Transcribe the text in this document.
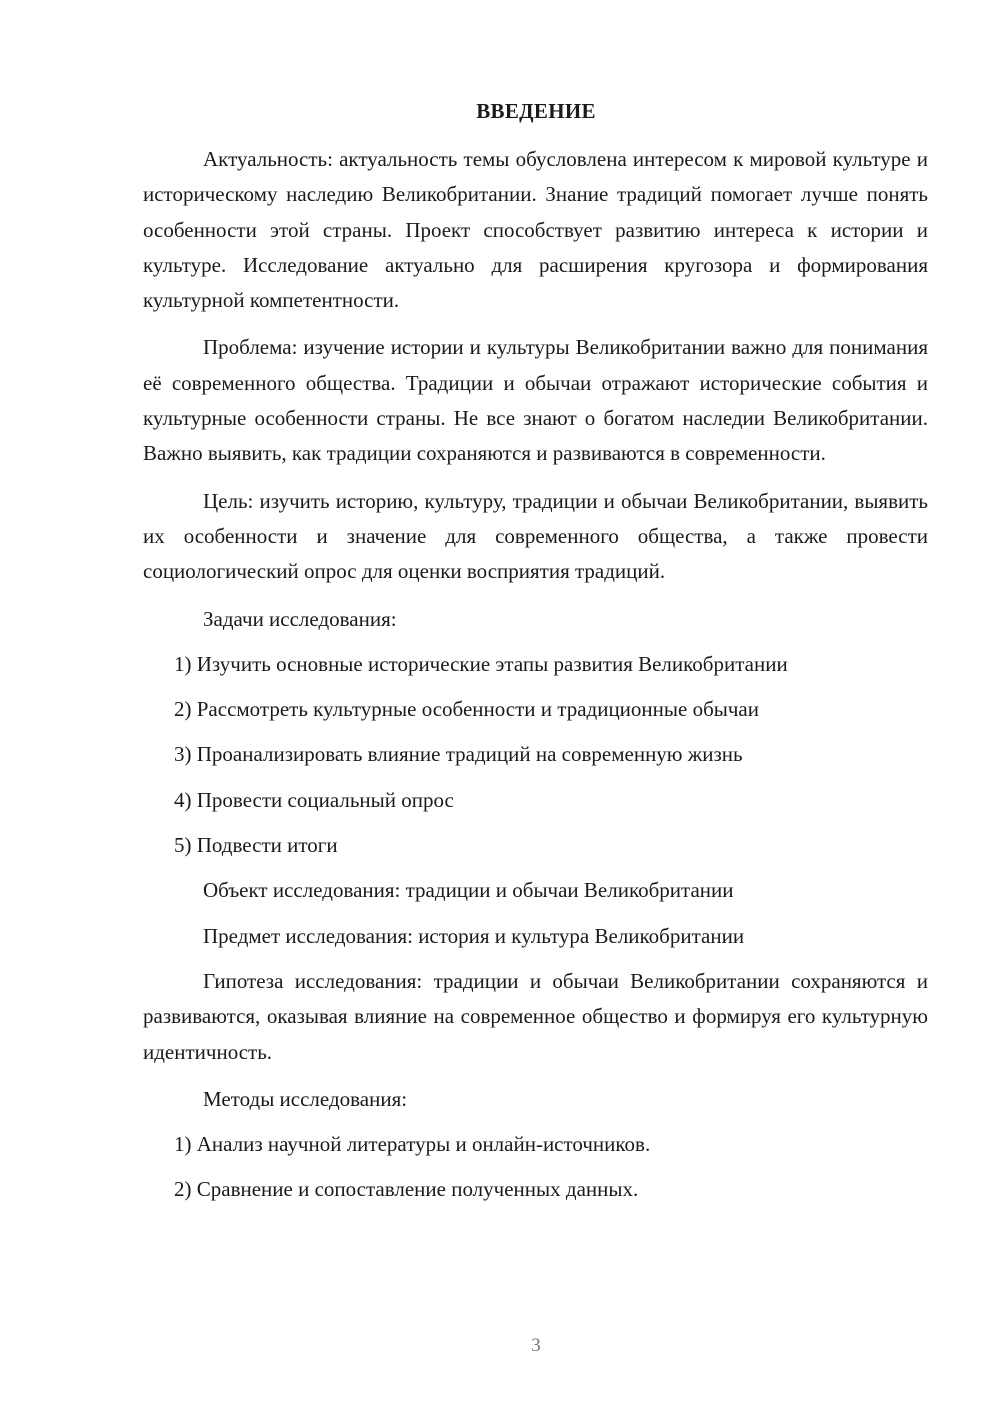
ВВЕДЕНИЕ

Актуальность: актуальность темы обусловлена интересом к мировой культуре и историческому наследию Великобритании. Знание традиций помогает лучше понять особенности этой страны. Проект способствует развитию интереса к истории и культуре. Исследование актуально для расширения кругозора и формирования культурной компетентности.

Проблема: изучение истории и культуры Великобритании важно для понимания её современного общества. Традиции и обычаи отражают исторические события и культурные особенности страны. Не все знают о богатом наследии Великобритании. Важно выявить, как традиции сохраняются и развиваются в современности.

Цель: изучить историю, культуру, традиции и обычаи Великобритании, выявить их особенности и значение для современного общества, а также провести социологический опрос для оценки восприятия традиций.

Задачи исследования:

1) Изучить основные исторические этапы развития Великобритании
2) Рассмотреть культурные особенности и традиционные обычаи
3) Проанализировать влияние традиций на современную жизнь
4) Провести социальный опрос
5) Подвести итоги

Объект исследования: традиции и обычаи Великобритании

Предмет исследования: история и культура Великобритании

Гипотеза исследования: традиции и обычаи Великобритании сохраняются и развиваются, оказывая влияние на современное общество и формируя его культурную идентичность.

Методы исследования:

1) Анализ научной литературы и онлайн-источников.
2) Сравнение и сопоставление полученных данных.
3
